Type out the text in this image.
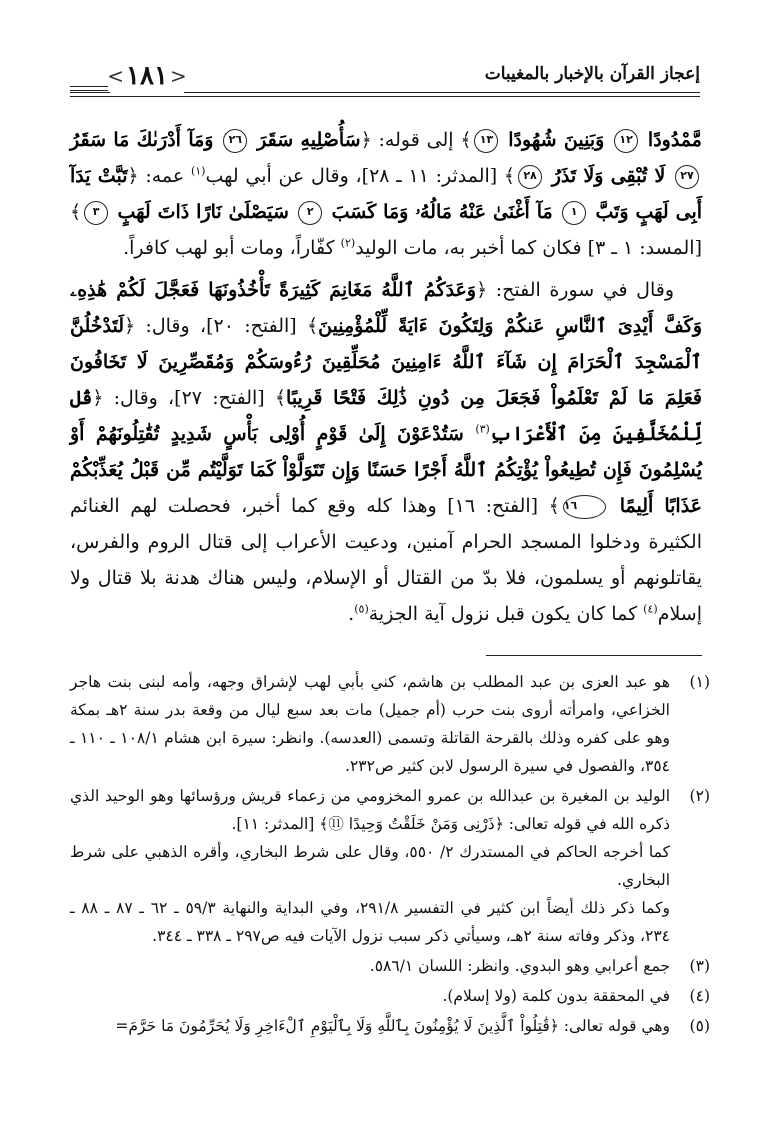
إعجاز القرآن بالإخبار بالمغيبات
< ١٨١ >

مَّمْدُودًا ١٢ وَبَنِينَ شُهُودًا ١٣﴾ إلى قوله: ﴿سَأُصْلِيهِ سَقَرَ ٢٦ وَمَآ أَدْرَىٰكَ مَا سَقَرُ ٢٧ لَا تُبْقِى وَلَا تَذَرُ ٢٨﴾ [المدثر: ١١ ـ ٢٨]، وقال عن أبي لهب$^{(١)}$ عمه: ﴿تَبَّتْ يَدَآ أَبِى لَهَبٍ وَتَبَّ ١ مَآ أَغْنَىٰ عَنْهُ مَالُهُۥ وَمَا كَسَبَ ٢ سَيَصْلَىٰ نَارًا ذَاتَ لَهَبٍ ٣﴾ [المسد: ١ ـ ٣] فكان كما أخبر به، مات الوليد$^{(٢)}$ كفّاراً، ومات أبو لهب كافراً.

وقال في سورة الفتح: ﴿وَعَدَكُمُ ٱللَّهُ مَغَانِمَ كَثِيرَةً تَأْخُذُونَهَا فَعَجَّلَ لَكُمْ هَٰذِهِۦ وَكَفَّ أَيْدِىَ ٱلنَّاسِ عَنكُمْ وَلِتَكُونَ ءَايَةً لِّلْمُؤْمِنِينَ﴾ [الفتح: ٢٠]، وقال: ﴿لَتَدْخُلُنَّ ٱلْمَسْجِدَ ٱلْحَرَامَ إِن شَآءَ ٱللَّهُ ءَامِنِينَ مُحَلِّقِينَ رُءُوسَكُمْ وَمُقَصِّرِينَ لَا تَخَافُونَ فَعَلِمَ مَا لَمْ تَعْلَمُواْ فَجَعَلَ مِن دُونِ ذَٰلِكَ فَتْحًا قَرِيبًا﴾ [الفتح: ٢٧]، وقال: ﴿قُل لِّلْمُخَلَّفِينَ مِنَ ٱلْأَعْرَابِ$^{(٣)}$ سَتُدْعَوْنَ إِلَىٰ قَوْمٍ أُوْلِى بَأْسٍ شَدِيدٍ تُقَٰتِلُونَهُمْ أَوْ يُسْلِمُونَ فَإِن تُطِيعُواْ يُؤْتِكُمُ ٱللَّهُ أَجْرًا حَسَنًا وَإِن تَتَوَلَّوْاْ كَمَا تَوَلَّيْتُم مِّن قَبْلُ يُعَذِّبْكُمْ عَذَابًا أَلِيمًا ١٦﴾ [الفتح: ١٦] وهذا كله وقع كما أخبر، فحصلت لهم الغنائم الكثيرة ودخلوا المسجد الحرام آمنين، ودعيت الأعراب إلى قتال الروم والفرس، يقاتلونهم أو يسلمون، فلا بدّ من القتال أو الإسلام، وليس هناك هدنة بلا قتال ولا إسلام$^{(٤)}$ كما كان يكون قبل نزول آية الجزية$^{(٥)}$.

(١)

هو عبد العزى بن عبد المطلب بن هاشم، كني بأبي لهب لإشراق وجهه، وأمه لبنى بنت هاجر الخزاعي، وامرأته أروى بنت حرب (أم جميل) مات بعد سبع ليال من وقعة بدر سنة ٢هـ بمكة وهو على كفره وذلك بالقرحة القاتلة وتسمى (العدسه). وانظر: سيرة ابن هشام ١٠٨/١ ـ ١١٠ ـ ٣٥٤، والفصول في سيرة الرسول لابن كثير ص٢٣٢.

(٢)

الوليد بن المغيرة بن عبدالله بن عمرو المخزومي من زعماء قريش ورؤسائها وهو الوحيد الذي ذكره الله في قوله تعالى: ﴿ذَرْنِى وَمَنْ خَلَقْتُ وَحِيدًا ⑪﴾ [المدثر: ١١].

كما أخرجه الحاكم في المستدرك ٢/ ٥٥٠، وقال على شرط البخاري، وأقره الذهبي على شرط البخاري.

وكما ذكر ذلك أيضاً ابن كثير في التفسير ٢٩١/٨، وفي البداية والنهاية ٥٩/٣ ـ ٦٢ ـ ٨٧ ـ ٨٨ ـ ٢٣٤، وذكر وفاته سنة ٢هـ، وسيأتي ذكر سبب نزول الآيات فيه ص٢٩٧ ـ ٣٣٨ ـ ٣٤٤.

(٣)

جمع أعرابي وهو البدوي. وانظر: اللسان ٥٨٦/١.

(٤)

في المحققة بدون كلمة (ولا إسلام).

(٥)

وهي قوله تعالى: ﴿قَٰتِلُواْ ٱلَّذِينَ لَا يُؤْمِنُونَ بِٱللَّهِ وَلَا بِٱلْيَوْمِ ٱلْءَاخِرِ وَلَا يُحَرِّمُونَ مَا حَرَّمَ=
